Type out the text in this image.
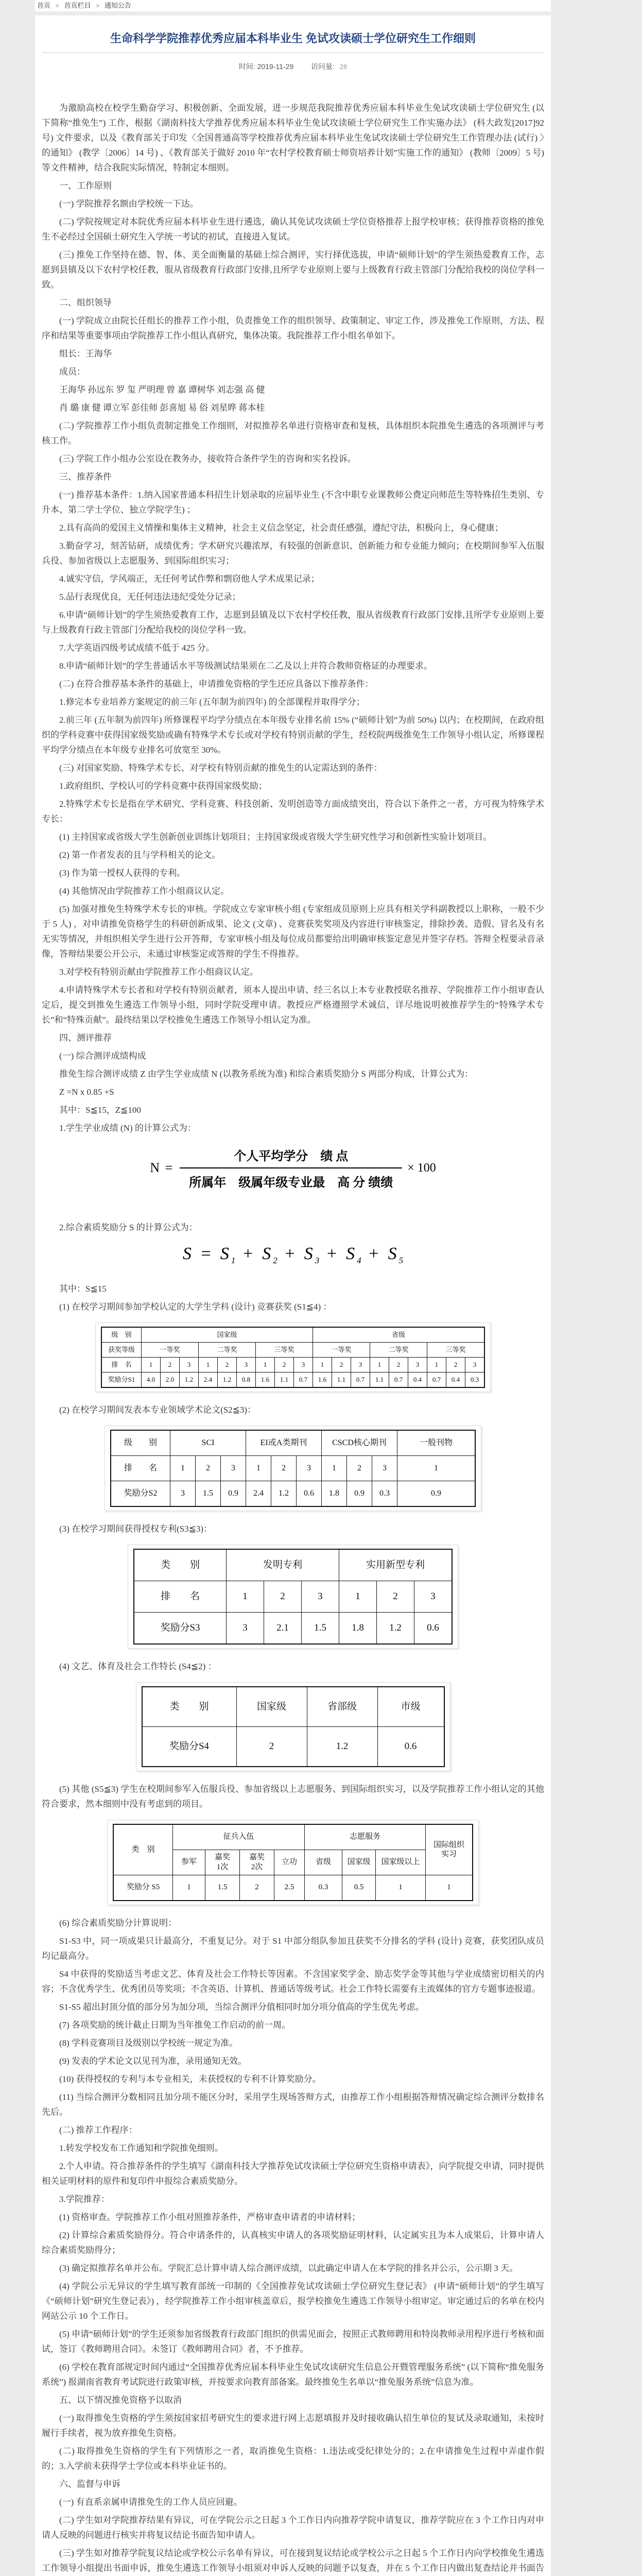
首页 > 首页栏目 > 通知公告
生命科学学院推荐优秀应届本科毕业生 免试攻读硕士学位研究生工作细则
时间: 2019-11-29 访问量: 28

为激励高校在校学生勤奋学习、积极创新、全面发展，进一步规范我院推荐优秀应届本科毕业生免试攻读硕士学位研究生 (以下简称“推免生”) 工作，根据《湖南科技大学推荐优秀应届本科毕业生免试攻读硕士学位研究生工作实施办法》 (科大政发[2017]92 号) 文件要求，以及《教育部关于印发〈全国普通高等学校推荐优秀应届本科毕业生免试攻读硕士学位研究生工作管理办法 (试行) 〉的通知》 (教学〔2006〕14 号) 、《教育部关于做好 2010 年“农村学校教育硕士师资培养计划”实施工作的通知》 (教师〔2009〕5 号) 等文件精神，结合我院实际情况，特制定本细则。

一、工作原则

(一) 学院推荐名额由学校统一下达。

(二) 学院按规定对本院优秀应届本科毕业生进行遴选，确认其免试攻读硕士学位资格推荐上报学校审核；获得推荐资格的推免生不必经过全国硕士研究生入学统一考试的初试，直接进入复试。

(三) 推免工作坚持在德、智、体、美全面衡量的基础上综合测评，实行择优选拔，申请“硕师计划”的学生须热爱教育工作，志愿到县镇及以下农村学校任教，服从省级教育行政部门安排,且所学专业原则上要与上级教育行政主管部门分配给我校的岗位学科一致。

二、组织领导

(一) 学院成立由院长任组长的推荐工作小组，负责推免工作的组织领导、政策制定、审定工作，涉及推免工作原则，方法、程序和结果等重要事项由学院推荐工作小组认真研究，集体决策。我院推荐工作小组名单如下。

组长：王海华

成员：

王海华 孙远东 罗 玺 严明理 曾 嘉 谭树华 刘志强 高 健

肖 璐 康 健 谭立军 彭佳师 彭喜旭 易 俗 刘星晔 蒋本桂

(二) 学院推荐工作小组负责制定推免工作细则，对拟推荐名单进行资格审查和复核，具体组织本院推免生遴选的各项测评与考核工作。

(三) 学院工作小组办公室设在教务办，接收符合条件学生的咨询和实名投诉。

三、推荐条件

(一) 推荐基本条件：1.纳入国家普通本科招生计划录取的应届毕业生 (不含中职专业课教师公费定向师范生等特殊招生类别、专升本、第二学士学位、独立学院学生) ；

2.具有高尚的爱国主义情操和集体主义精神，社会主义信念坚定，社会责任感强，遵纪守法，积极向上，身心健康；

3.勤奋学习，刻苦钻研，成绩优秀；学术研究兴趣浓厚，有较强的创新意识、创新能力和专业能力倾向；在校期间参军入伍服兵役、参加省级以上志愿服务、到国际组织实习；

4.诚实守信，学风端正，无任何考试作弊和剽窃他人学术成果记录；

5.品行表现优良，无任何违法违纪受处分记录；

6.申请“硕师计划”的学生须热爱教育工作，志愿到县镇及以下农村学校任教，服从省级教育行政部门安排,且所学专业原则上要与上级教育行政主管部门分配给我校的岗位学科一致。

7.大学英语四级考试成绩不低于 425 分。

8.申请“硕师计划”的学生普通话水平等级测试结果须在二乙及以上并符合教师资格证的办理要求。

(二) 在符合推荐基本条件的基础上，申请推免资格的学生还应具备以下推荐条件：

1.修完本专业培养方案规定的前三年 (五年制为前四年) 的全部课程并取得学分；

2.前三年 (五年制为前四年) 所修课程平均学分绩点在本年级专业排名前 15% (“硕师计划”为前 50%) 以内；在校期间，在政府组织的学科竞赛中获得国家级奖励或确有特殊学术专长或对学校有特别贡献的学生，经校院两级推免生工作领导小组认定，所修课程平均学分绩点在本年级专业排名可放宽至 30%。

(三) 对国家奖励、特殊学术专长、对学校有特别贡献的推免生的认定需达到的条件：

1.政府组织、学校认可的学科竞赛中获得国家级奖励；

2.特殊学术专长是指在学术研究、学科竞赛、科技创新、发明创造等方面成绩突出，符合以下条件之一者，方可视为特殊学术专长：

(1) 主持国家或省级大学生创新创业训练计划项目；主持国家级或省级大学生研究性学习和创新性实验计划项目。

(2) 第一作者发表的且与学科相关的论文。

(3) 作为第一授权人获得的专利。

(4) 其他情况由学院推荐工作小组商议认定。

(5) 加强对推免生特殊学术专长的审核。学院成立专家审核小组 (专家组成员原则上应具有相关学科副教授以上职称，一般不少于 5 人) ，对申请推免资格学生的科研创新成果、论文 (文章) 、竞赛获奖奖项及内容进行审核鉴定，排除抄袭、造假、冒名及有名无实等情况，并组织相关学生进行公开答辩，专家审核小组及每位成员都要给出明确审核鉴定意见并签字存档。答辩全程要录音录像，答辩结果要公开公示，未通过审核鉴定或答辩的学生不得推荐。

3.对学校有特别贡献由学院推荐工作小组商议认定。

4.申请特殊学术专长者和对学校有特别贡献者，须本人提出申请、经三名以上本专业教授联名推荐、学院推荐工作小组审查认定后，提交到推免生遴选工作领导小组，同时学院受理申请。教授应严格遵照学术诚信，详尽地说明被推荐学生的“特殊学术专长”和“特殊贡献”。最终结果以学校推免生遴选工作领导小组认定为准。

四、测评推荐

(一) 综合测评成绩构成

推免生综合测评成绩 Z 由学生学业成绩 N (以教务系统为准) 和综合素质奖励分 S 两部分构成，计算公式为：

Z =N x 0.85 +S

其中：S≦15，Z≦100

1.学生学业成绩 (N) 的计算公式为：

$N = \frac{\text{个人平均学分　绩 点}}{\text{所属年　级属年级专业最　高 分 绩绩}} \times 100$

2.综合素质奖励分 S 的计算公式为：

$S = S_1 + S_2 + S_3 + S_4 + S_5$

其中：S≦15

(1) 在校学习期间参加学校认定的大学生学科 (设计) 竞赛获奖 (S1≦4) ：

级　别	国家级									省级								
获奖等级	一等奖			二等奖			三等奖			一等奖			二等奖			三等奖		
排　名	1	2	3	1	2	3	1	2	3	1	2	3	1	2	3	1	2	3
奖励分S1	4.0	2.0	1.2	2.4	1.2	0.8	1.6	1.1	0.7	1.6	1.1	0.7	1.1	0.7	0.4	0.7	0.4	0.3

(2) 在校学习期间发表本专业领域学术论文(S2≦3)：

级　　别	SCI			EI或A类期刊			CSCD核心期刊			一般刊物
排　　名	1	2	3	1	2	3	1	2	3	1
奖励分S2	3	1.5	0.9	2.4	1.2	0.6	1.8	0.9	0.3	0.9

(3) 在校学习期间获得授权专利(S3≦3)：

类　　别	发明专利			实用新型专利		
排　　名	1	2	3	1	2	3
奖励分S3	3	2.1	1.5	1.8	1.2	0.6

(4) 文艺、体育及社会工作特长 (S4≦2) ：

类　　别	国家级	省部级	市级
奖励分S4	2	1.2	0.6

(5) 其他 (S5≦3) 学生在校期间参军入伍服兵役、参加省级以上志愿服务、到国际组织实习，以及学院推荐工作小组认定的其他符合要求，然本细则中没有考虑到的项目。

类　别	征兵入伍				志愿服务			国际组织
实习
	参军	嘉奖
1次	嘉奖
2次	立功	省级	国家级	国家级以上	
奖励分 S5	1	1.5	2	2.5	0.3	0.5	1	1

(6) 综合素质奖励分计算说明：

S1-S3 中，同一项成果只计最高分，不重复记分。对于 S1 中部分组队参加且获奖不分排名的学科 (设计) 竞赛，获奖团队成员均记最高分。

S4 中获得的奖励适当考虑文艺、体育及社会工作特长等因素。不含国家奖学金、励志奖学金等其他与学业成绩密切相关的内容；不含优秀学生、优秀团员等奖项；不含英语、计算机、普通话等级考试。社会工作特长需要有主流媒体的官方专题事迹报道。

S1-S5 超出封顶分值的部分另为加分项，当综合测评分值相同时加分项分值高的学生优先考虑。

(7) 各项奖励的统计截止日期为当年推免工作启动的前一周。

(8) 学科竞赛项目及级别以学校统一规定为准。

(9) 发表的学术论文以见刊为准，录用通知无效。

(10) 获得授权的专利与本专业相关，未获授权的专利不计算奖励分。

(11) 当综合测评分数相同且加分项不能区分时，采用学生现场答辩方式，由推荐工作小组根据答辩情况确定综合测评分数排名先后。

(二) 推荐工作程序：

1.转发学校发布工作通知和学院推免细则。

2.个人申请。符合推荐条件的学生填写《湖南科技大学推荐免试攻读硕士学位研究生资格申请表》，向学院提交申请，同时提供相关证明材料的原件和复印件申报综合素质奖励分。

3.学院推荐：

(1) 资格审查。学院推荐工作小组对照推荐条件，严格审查申请者的申请材料；

(2) 计算综合素质奖励得分。符合申请条件的，认真核实申请人的各项奖励证明材料，认定属实且为本人成果后，计算申请人综合素质奖励得分；

(3) 确定拟推荐名单并公布。学院汇总计算申请人综合测评成绩，以此确定申请人在本学院的排名并公示，公示期 3 天。

(4) 学院公示无异议的学生填写教育部统一印制的《全国推荐免试攻读硕士学位研究生登记表》 (申请“硕师计划”的学生填写《“硕师计划”研究生登记表》) ，经学院推荐工作小组审核盖章后，报学校推免生遴选工作领导小组审定。审定通过后的名单在校内网站公示 10 个工作日。

(5) 申请“硕师计划”的学生还须参加省级教育行政部门组织的供需见面会，按照正式教师聘用和特岗教师录用程序进行考核和面试，签订《教师聘用合同》。未签订《教师聘用合同》者，不予推荐。

(6) 学校在教育部规定时间内通过“全国推荐优秀应届本科毕业生免试攻读研究生信息公开暨管理服务系统” (以下简称“推免服务系统”) 报湖南省教育考试院进行政策审核，并按要求向教育部备案。最终推免生名单以“推免服务系统”信息为准。

五、以下情况推免资格予以取消

(一) 取得推免生资格的学生须按国家招考研究生的要求进行网上志愿填报并及时接收确认招生单位的复试及录取通知，未按时履行手续者，视为放弃推免生资格。

(二) 取得推免生资格的学生有下列情形之一者，取消推免生资格：1.违法或受纪律处分的；2.在申请推免生过程中弄虚作假的；3.入学前未获得学士学位或本科毕业证书的。

六、监督与申诉

(一) 有直系亲属申请推免生的工作人员应回避。

(二) 学生如对学院推荐结果有异议，可在学院公示之日起 3 个工作日内向推荐学院申请复议，推荐学院应在 3 个工作日内对申请人反映的问题进行核实并将复议结论书面告知申请人。

(三) 学生如对推荐学院复议结论或学校公示名单有异议，可在接到复议结论或学校公示之日起 5 个工作日内向学校推免生遴选工作领导小组提出书面申诉，推免生遴选工作领导小组须对申诉人反映的问题予以复查，并在 5 个工作日内做出复查结论并书面告
